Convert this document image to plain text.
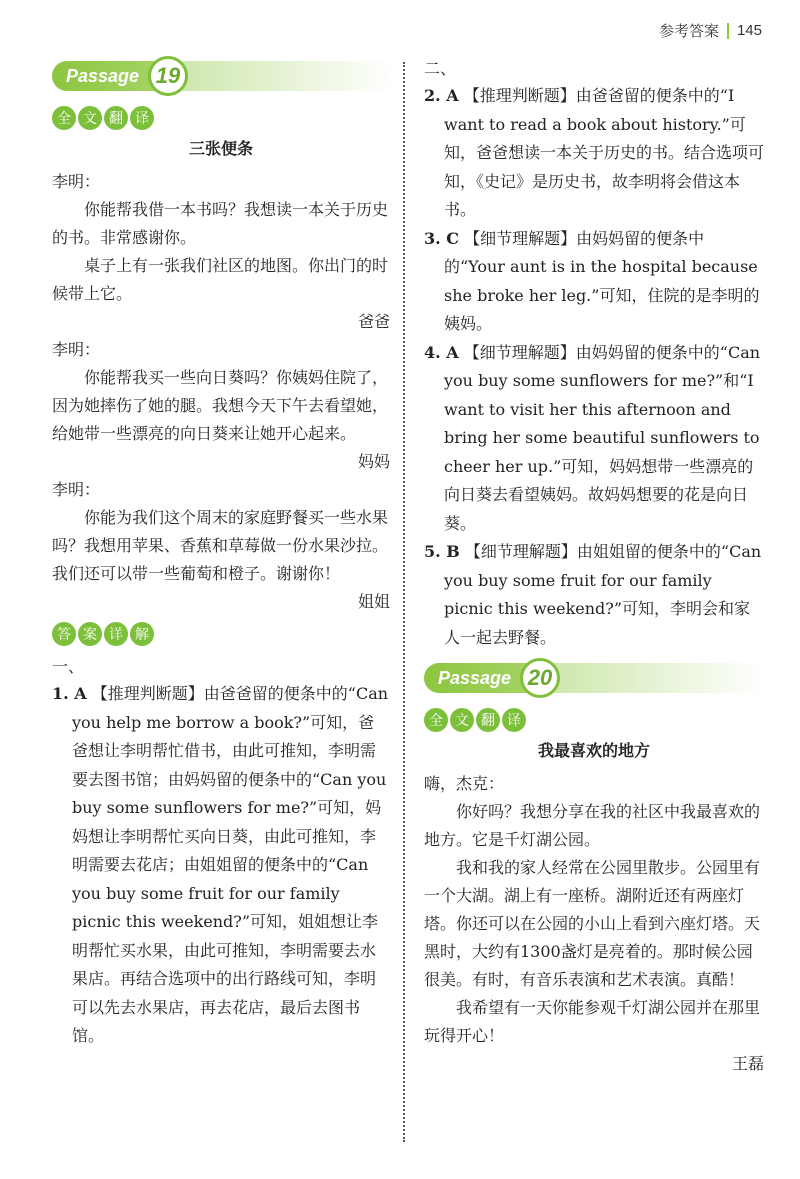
参考答案 145
Passage 19
全 文 翻 译
三张便条

李明：

你能帮我借一本书吗？我想读一本关于历史的书。非常感谢你。

桌子上有一张我们社区的地图。你出门的时候带上它。

爸爸

李明：

你能帮我买一些向日葵吗？你姨妈住院了，因为她摔伤了她的腿。我想今天下午去看望她，给她带一些漂亮的向日葵来让她开心起来。

妈妈

李明：

你能为我们这个周末的家庭野餐买一些水果吗？我想用苹果、香蕉和草莓做一份水果沙拉。我们还可以带一些葡萄和橙子。谢谢你！

姐姐

答 案 详 解

一、

1. A 【推理判断题】由爸爸留的便条中的“Can you help me borrow a book?”可知，爸爸想让李明帮忙借书，由此可推知，李明需要去图书馆；由妈妈留的便条中的“Can you buy some sunflowers for me?”可知，妈妈想让李明帮忙买向日葵，由此可推知，李明需要去花店；由姐姐留的便条中的“Can you buy some fruit for our family picnic this weekend?”可知，姐姐想让李明帮忙买水果，由此可推知，李明需要去水果店。再结合选项中的出行路线可知，李明可以先去水果店，再去花店，最后去图书馆。

二、

2. A 【推理判断题】由爸爸留的便条中的“I want to read a book about history.”可知，爸爸想读一本关于历史的书。结合选项可知，《史记》是历史书，故李明将会借这本书。
3. C 【细节理解题】由妈妈留的便条中的“Your aunt is in the hospital because she broke her leg.”可知，住院的是李明的姨妈。
4. A 【细节理解题】由妈妈留的便条中的“Can you buy some sunflowers for me?”和“I want to visit her this afternoon and bring her some beautiful sunflowers to cheer her up.”可知，妈妈想带一些漂亮的向日葵去看望姨妈。故妈妈想要的花是向日葵。
5. B 【细节理解题】由姐姐留的便条中的“Can you buy some fruit for our family picnic this weekend?”可知，李明会和家人一起去野餐。
Passage 20
全 文 翻 译
我最喜欢的地方

嗨，杰克：

你好吗？我想分享在我的社区中我最喜欢的地方。它是千灯湖公园。

我和我的家人经常在公园里散步。公园里有一个大湖。湖上有一座桥。湖附近还有两座灯塔。你还可以在公园的小山上看到六座灯塔。天黑时，大约有1300盏灯是亮着的。那时候公园很美。有时，有音乐表演和艺术表演。真酷！

我希望有一天你能参观千灯湖公园并在那里玩得开心！

王磊
